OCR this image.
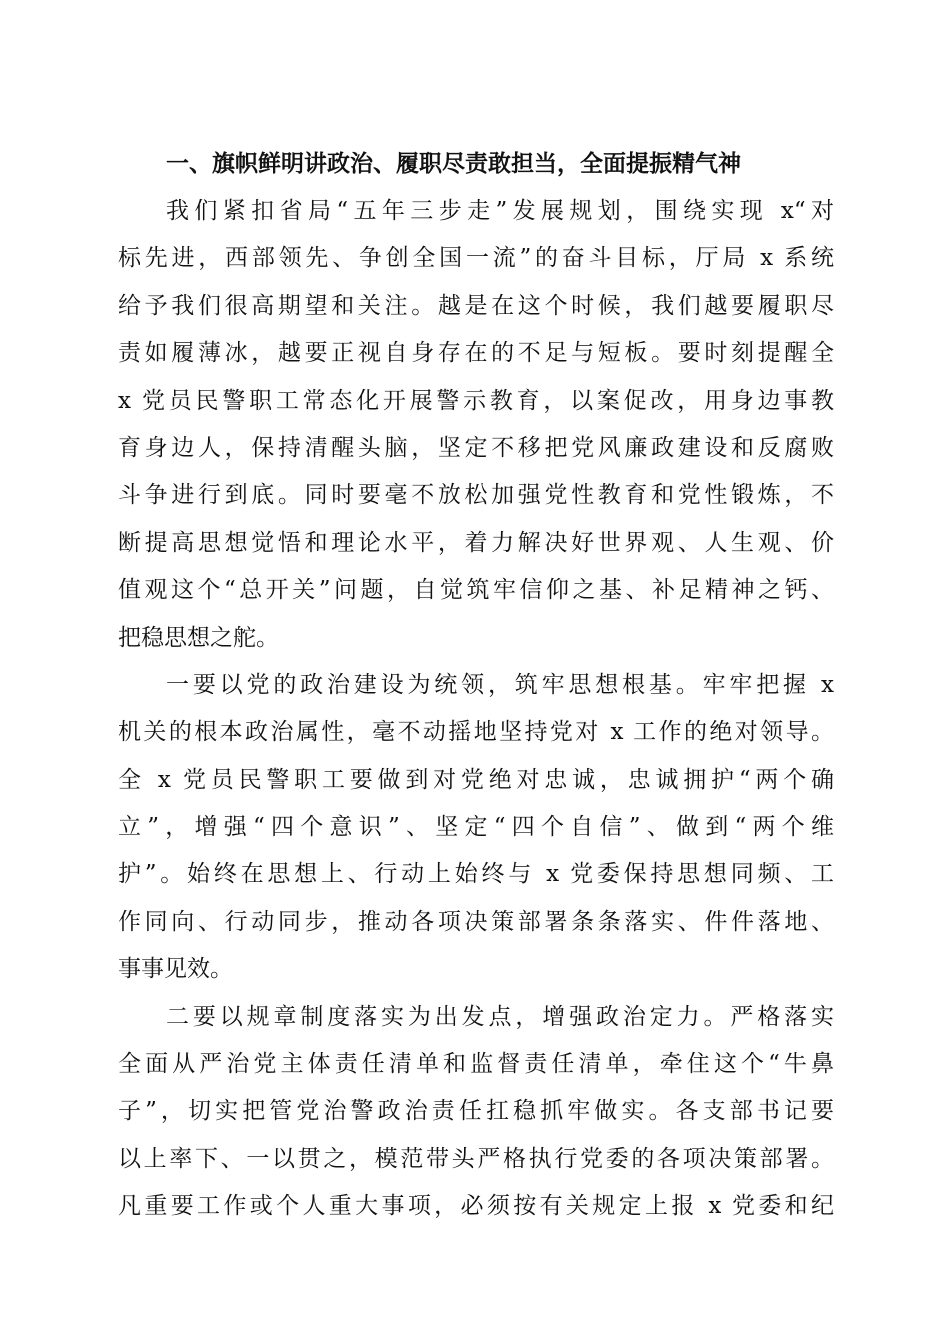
一、旗帜鲜明讲政治、履职尽责敢担当，全面提振精气神
我们紧扣省局“五年三步走”发展规划，围绕实现 x“对
标先进，西部领先、争创全国一流”的奋斗目标，厅局 x 系统
给予我们很高期望和关注。越是在这个时候，我们越要履职尽
责如履薄冰，越要正视自身存在的不足与短板。要时刻提醒全
x 党员民警职工常态化开展警示教育，以案促改，用身边事教
育身边人，保持清醒头脑，坚定不移把党风廉政建设和反腐败
斗争进行到底。同时要毫不放松加强党性教育和党性锻炼，不
断提高思想觉悟和理论水平，着力解决好世界观、人生观、价
值观这个“总开关”问题，自觉筑牢信仰之基、补足精神之钙、
把稳思想之舵。
一要以党的政治建设为统领，筑牢思想根基。牢牢把握 x
机关的根本政治属性，毫不动摇地坚持党对 x 工作的绝对领导。
全 x 党员民警职工要做到对党绝对忠诚，忠诚拥护“两个确
立”，增强“四个意识”、坚定“四个自信”、做到“两个维
护”。始终在思想上、行动上始终与 x 党委保持思想同频、工
作同向、行动同步，推动各项决策部署条条落实、件件落地、
事事见效。
二要以规章制度落实为出发点，增强政治定力。严格落实
全面从严治党主体责任清单和监督责任清单，牵住这个“牛鼻
子”，切实把管党治警政治责任扛稳抓牢做实。各支部书记要
以上率下、一以贯之，模范带头严格执行党委的各项决策部署。
凡重要工作或个人重大事项，必须按有关规定上报 x 党委和纪
